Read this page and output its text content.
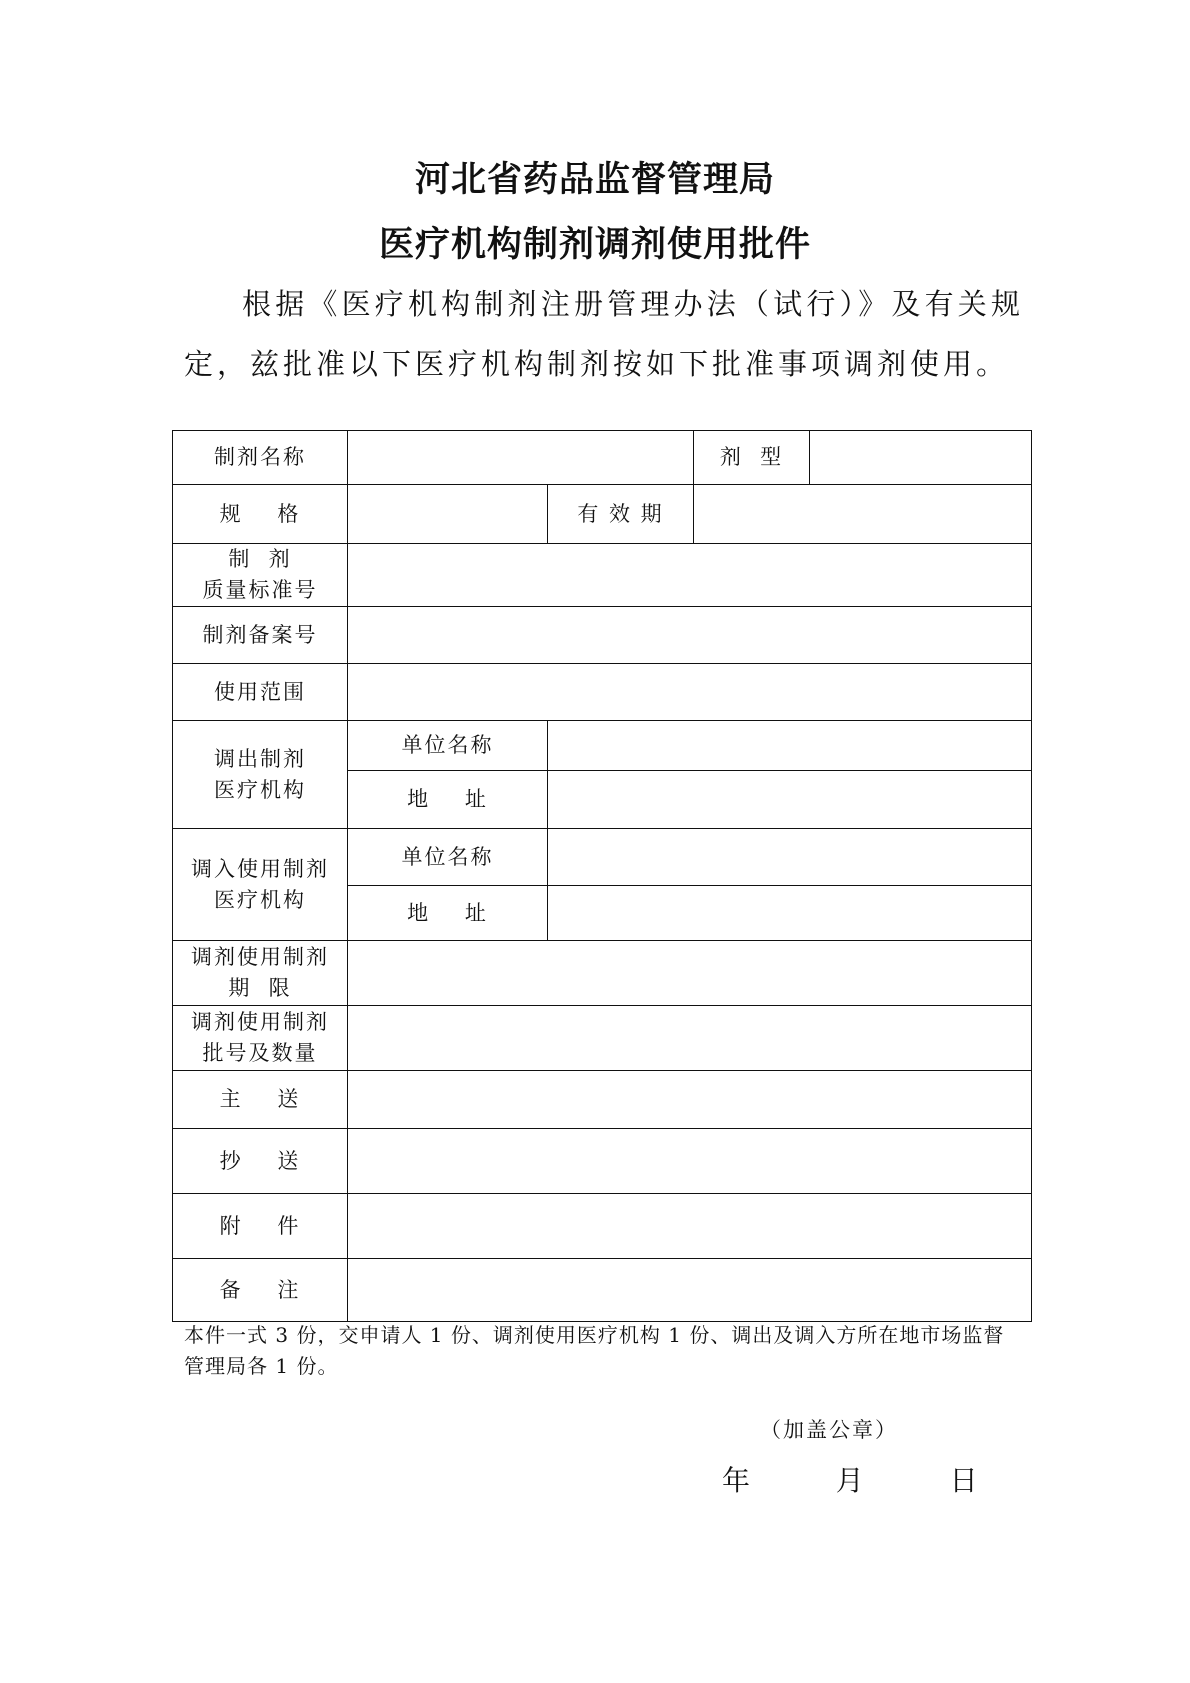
河北省药品监督管理局
医疗机构制剂调剂使用批件

根据《医疗机构制剂注册管理办法（试行）》及有关规定，兹批准以下医疗机构制剂按如下批准事项调剂使用。

制剂名称			剂  型	
规    格		有 效 期		

制  剂
质量标准号				

制剂备案号				
使用范围				

调出制剂
医疗机构	单位名称			
	地    址			

调入使用制剂
医疗机构	单位名称			
	地    址			

调剂使用制剂
期  限				

调剂使用制剂
批号及数量				

主    送				
抄    送				
附    件				
备    注				

本件一式 3 份，交申请人 1 份、调剂使用医疗机构 1 份、调出及调入方所在地市场监督管理局各 1 份。

（加盖公章）
年  月  日
